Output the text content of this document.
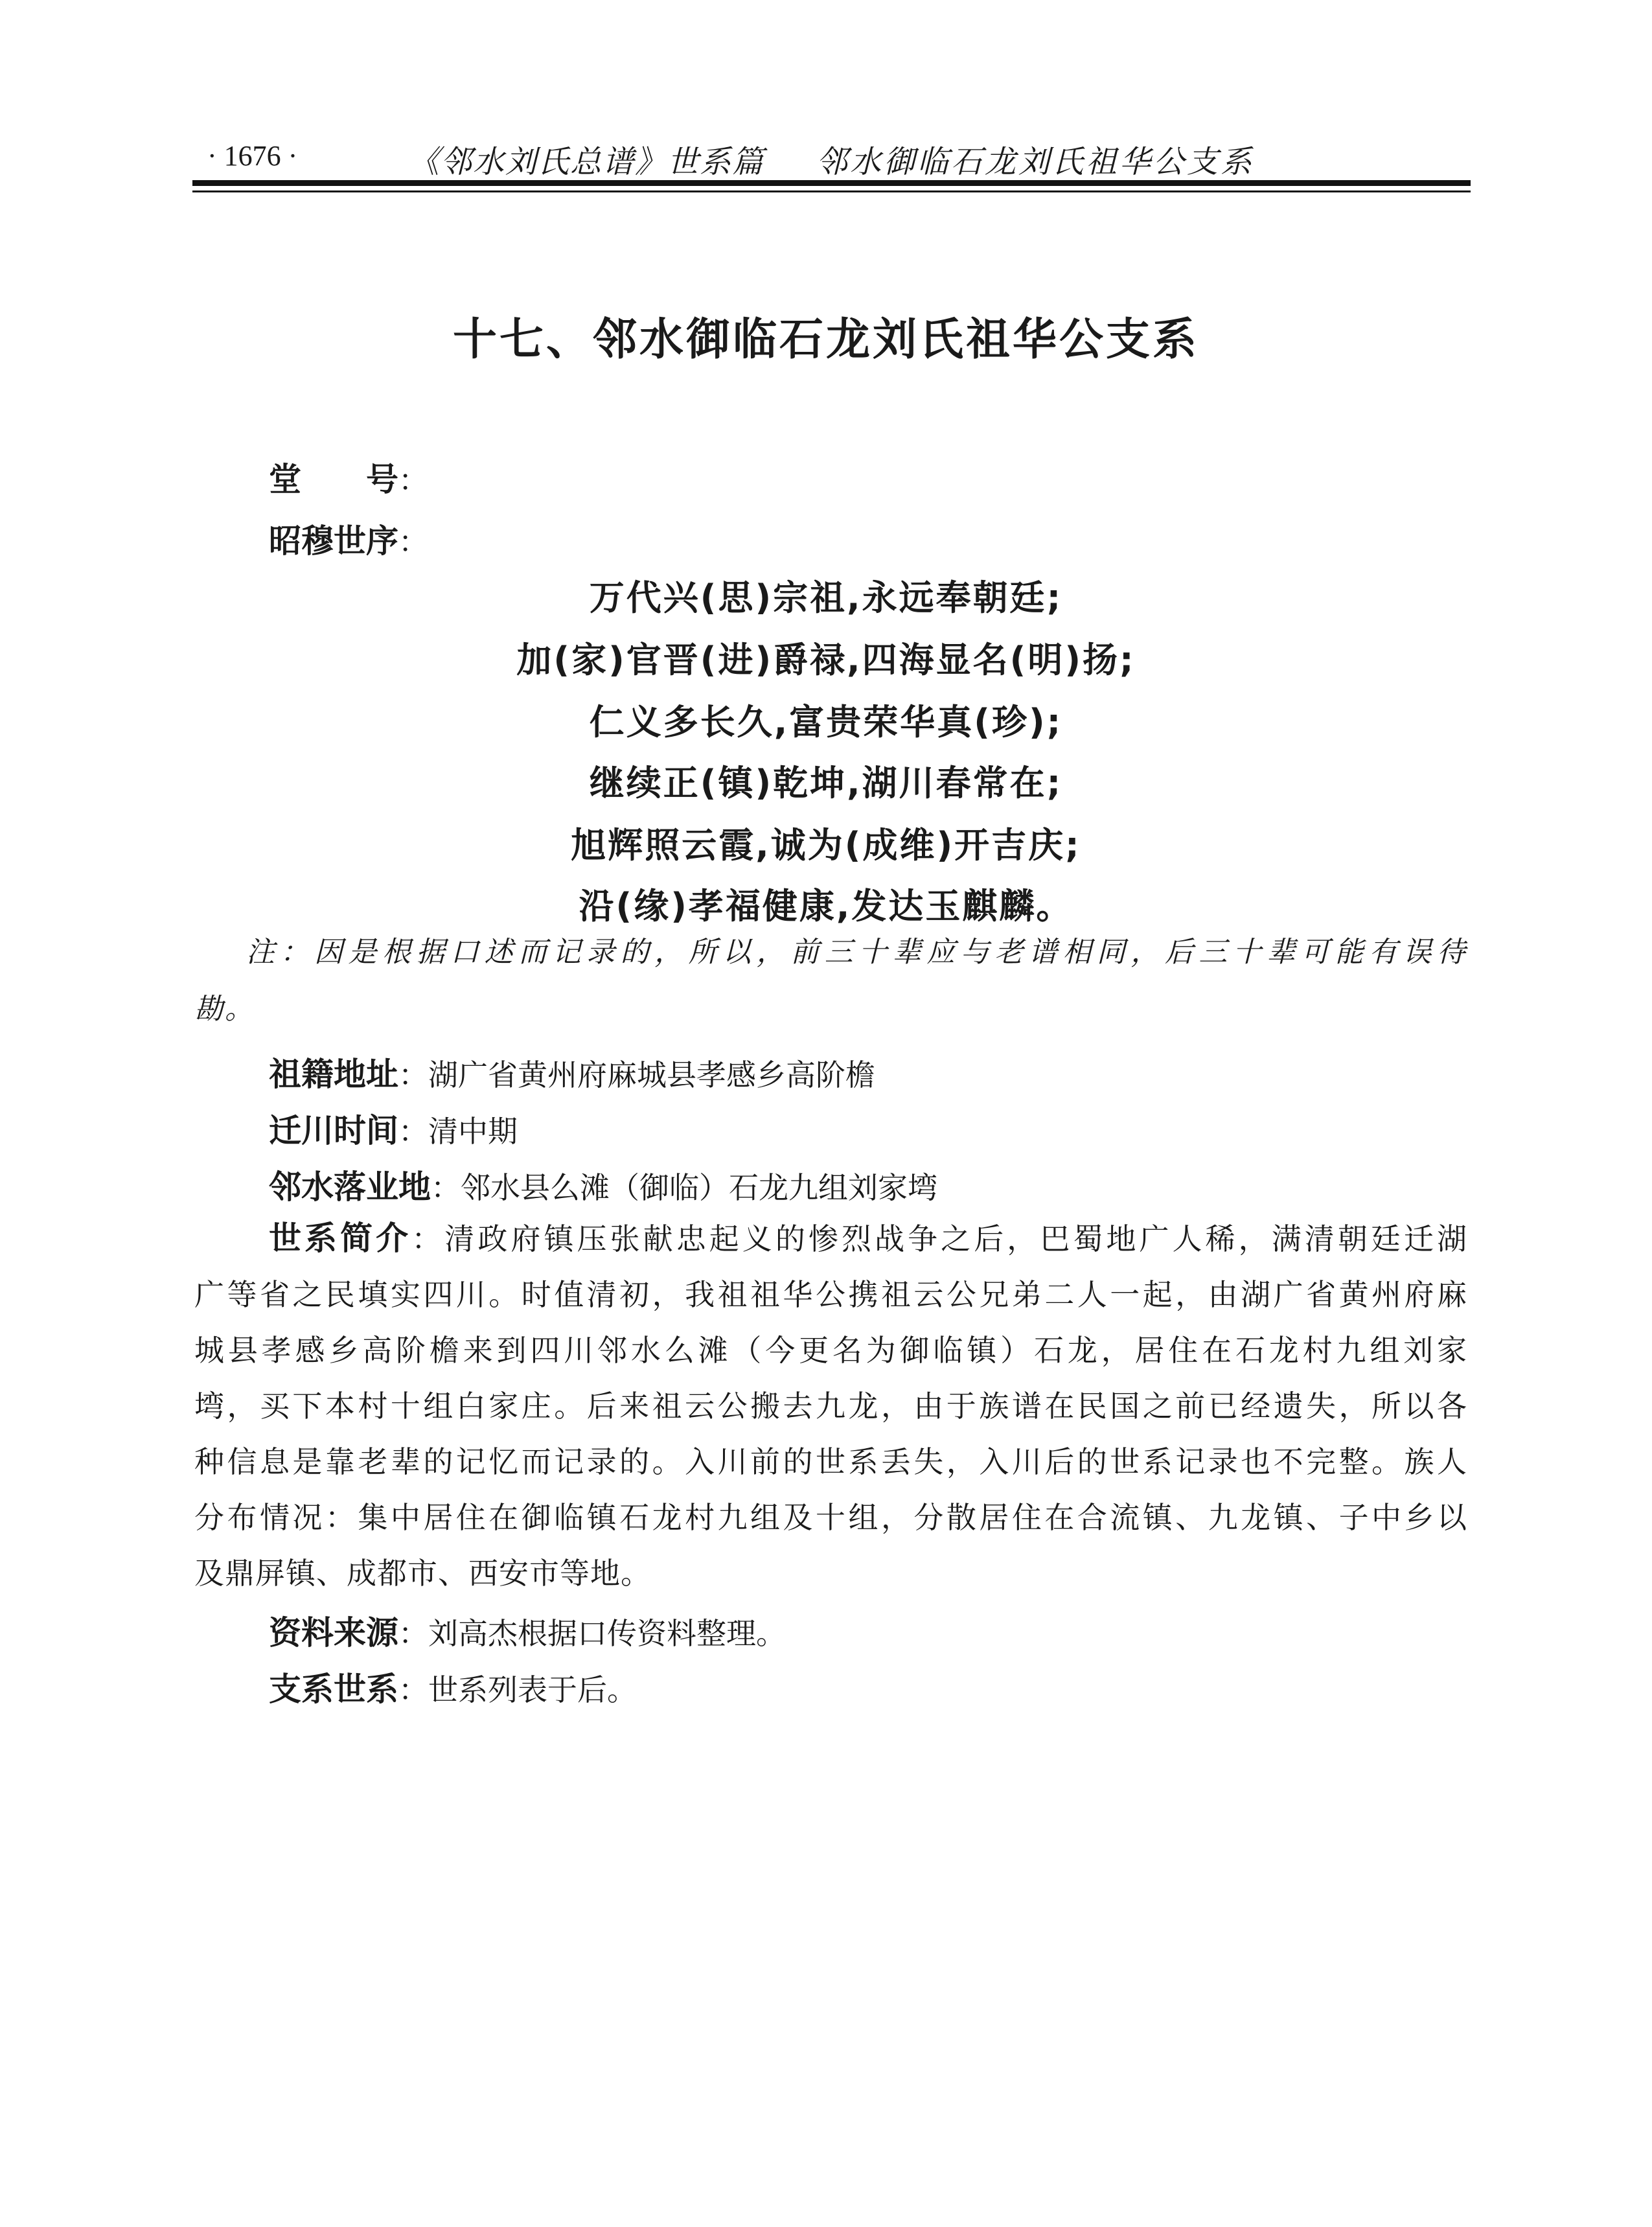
· 1676 ·	《邻水刘氏总谱》世系篇 邻水御临石龙刘氏祖华公支系
十七、邻水御临石龙刘氏祖华公支系
堂　　号：
昭穆世序：
万代兴(思)宗祖,永远奉朝廷;
加(家)官晋(进)爵禄,四海显名(明)扬;
仁义多长久,富贵荣华真(珍);
继续正(镇)乾坤,湖川春常在;
旭辉照云霞,诚为(成维)开吉庆;
沿(缘)孝福健康,发达玉麒麟。
注：因是根据口述而记录的，所以，前三十辈应与老谱相同，后三十辈可能有误待
勘。
祖籍地址：湖广省黄州府麻城县孝感乡高阶檐
迁川时间：清中期
邻水落业地：邻水县么滩（御临）石龙九组刘家塆
世系简介：清政府镇压张献忠起义的惨烈战争之后，巴蜀地广人稀，满清朝廷迁湖
广等省之民填实四川。时值清初，我祖祖华公携祖云公兄弟二人一起，由湖广省黄州府麻
城县孝感乡高阶檐来到四川邻水么滩（今更名为御临镇）石龙，居住在石龙村九组刘家
塆，买下本村十组白家庄。后来祖云公搬去九龙，由于族谱在民国之前已经遗失，所以各
种信息是靠老辈的记忆而记录的。入川前的世系丢失，入川后的世系记录也不完整。族人
分布情况：集中居住在御临镇石龙村九组及十组，分散居住在合流镇、九龙镇、子中乡以
及鼎屏镇、成都市、西安市等地。
资料来源：刘高杰根据口传资料整理。
支系世系：世系列表于后。
